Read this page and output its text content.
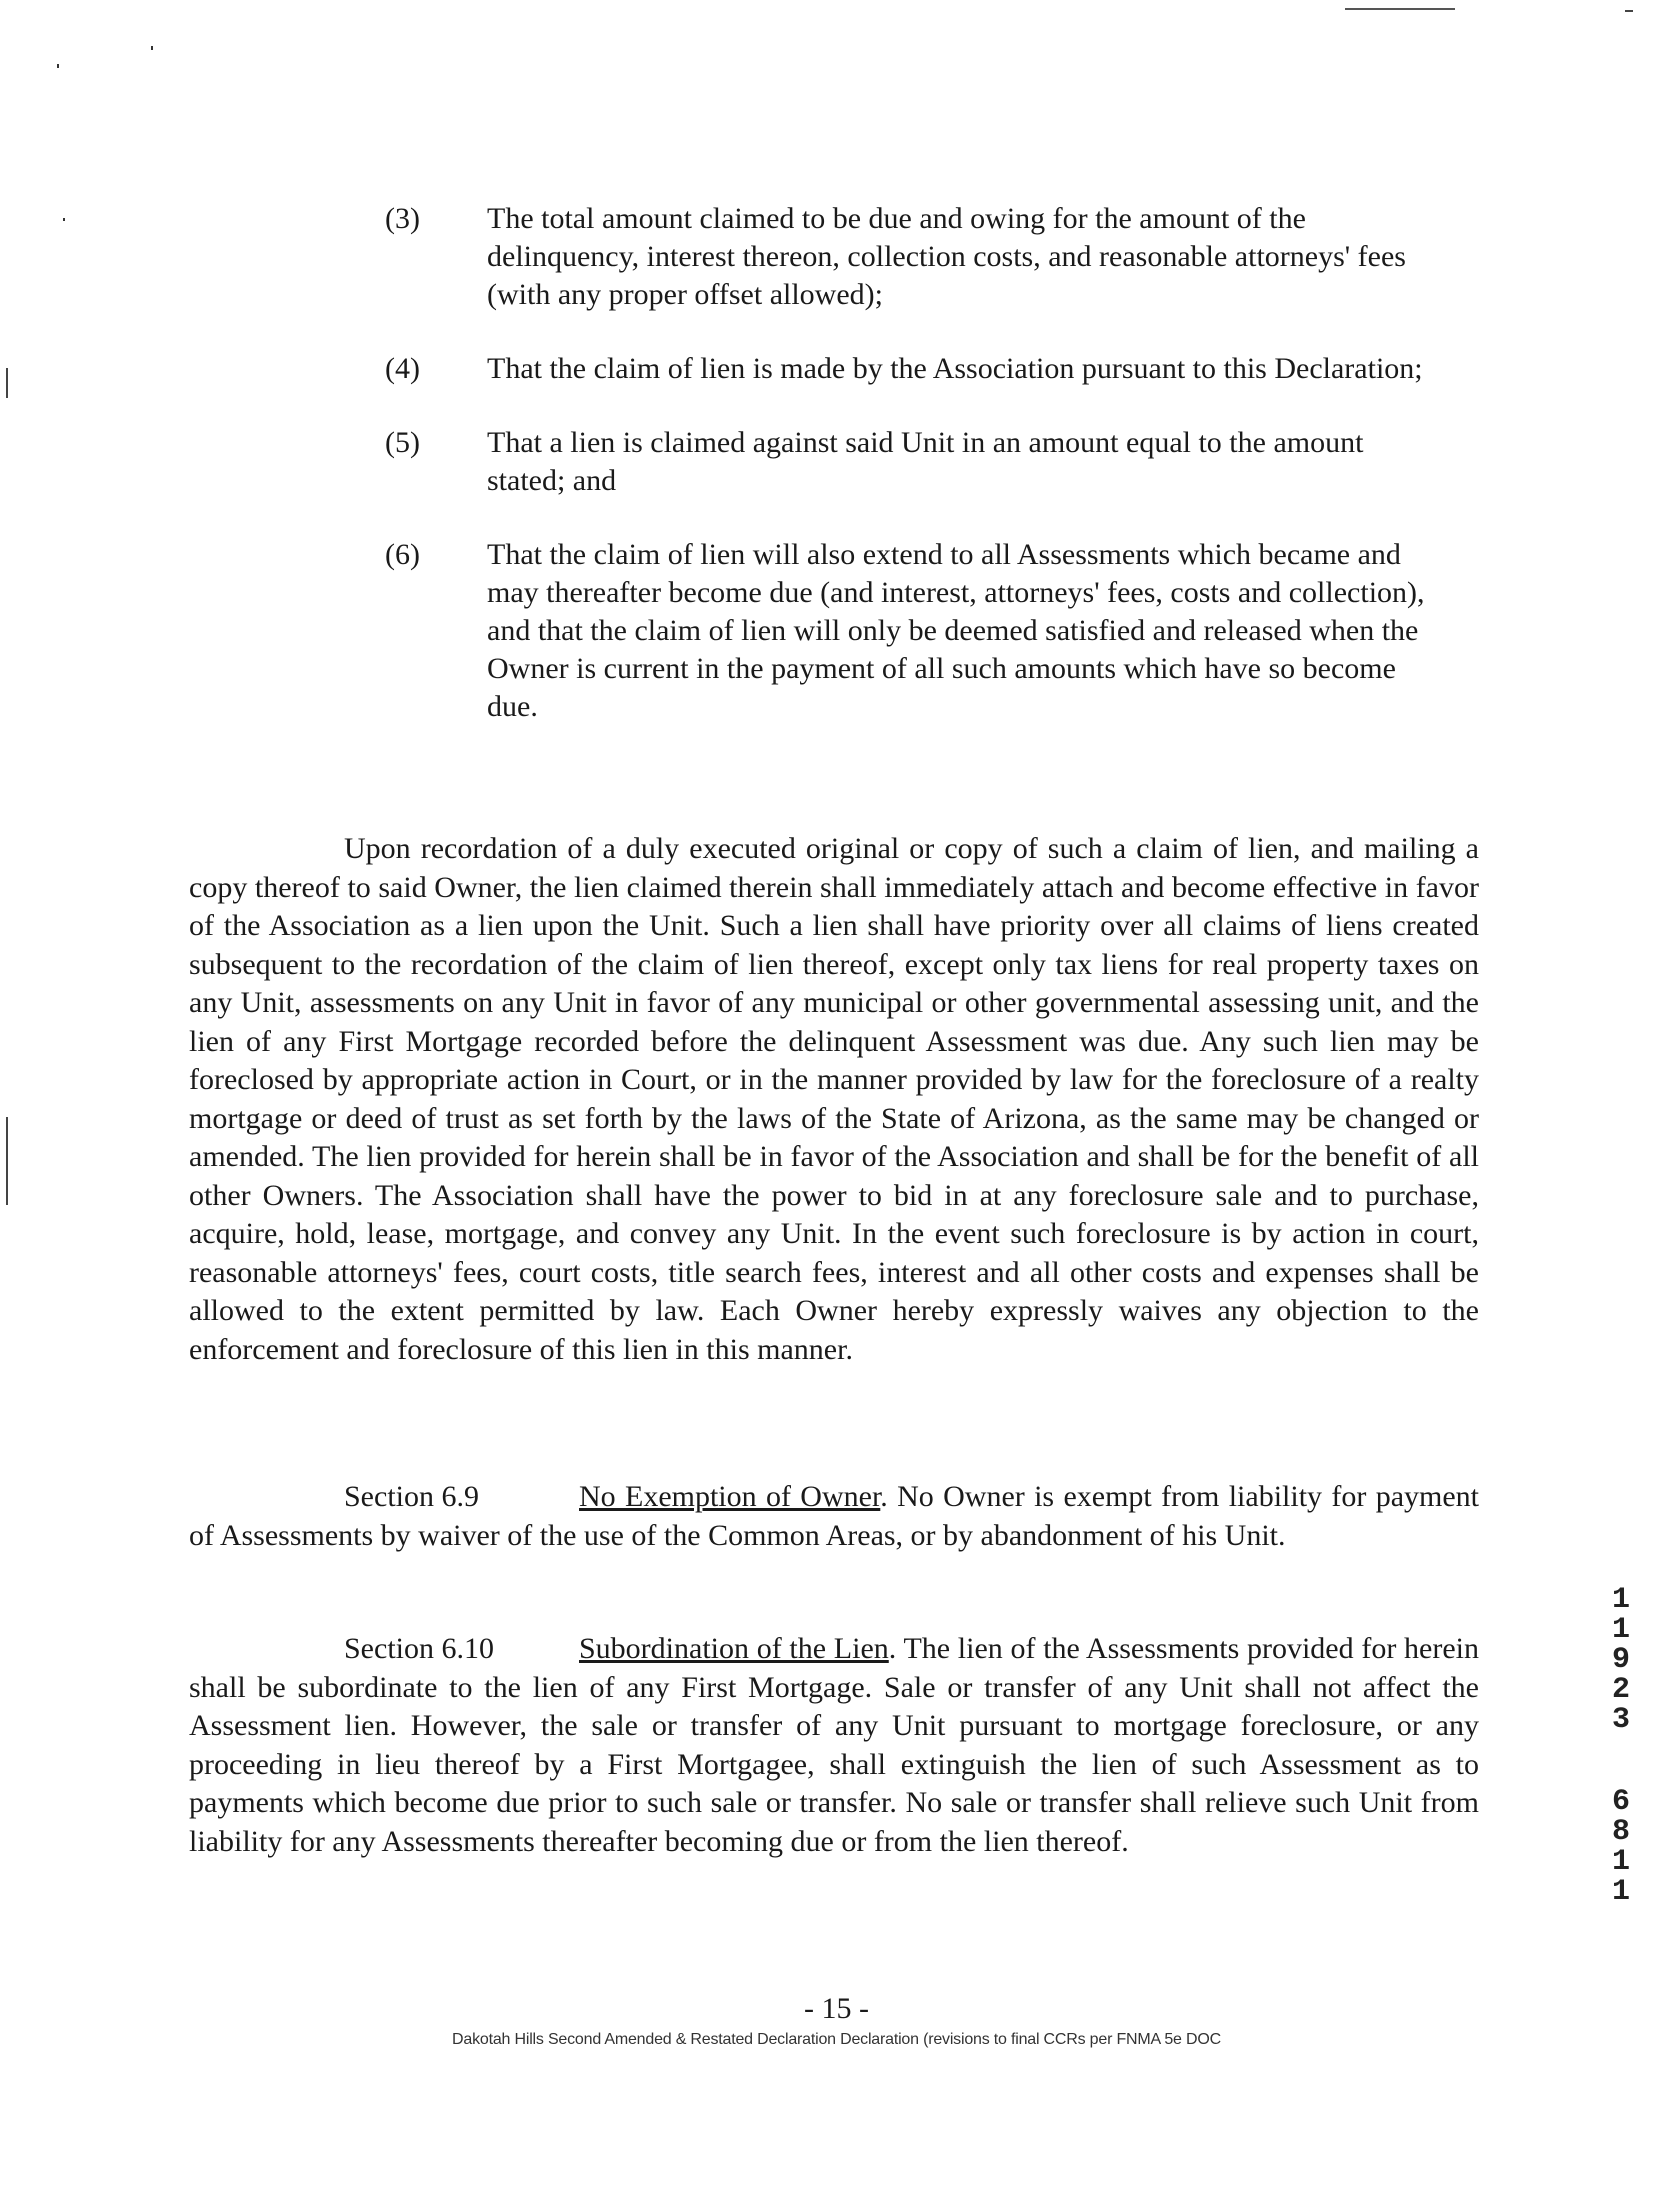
(3) The total amount claimed to be due and owing for the amount of the delinquency, interest thereon, collection costs, and reasonable attorneys' fees (with any proper offset allowed);
(4) That the claim of lien is made by the Association pursuant to this Declaration;
(5) That a lien is claimed against said Unit in an amount equal to the amount stated; and
(6) That the claim of lien will also extend to all Assessments which became and may thereafter become due (and interest, attorneys' fees, costs and collection), and that the claim of lien will only be deemed satisfied and released when the Owner is current in the payment of all such amounts which have so become due.

Upon recordation of a duly executed original or copy of such a claim of lien, and mailing a copy thereof to said Owner, the lien claimed therein shall immediately attach and become effective in favor of the Association as a lien upon the Unit. Such a lien shall have priority over all claims of liens created subsequent to the recordation of the claim of lien thereof, except only tax liens for real property taxes on any Unit, assessments on any Unit in favor of any municipal or other governmental assessing unit, and the lien of any First Mortgage recorded before the delinquent Assessment was due. Any such lien may be foreclosed by appropriate action in Court, or in the manner provided by law for the foreclosure of a realty mortgage or deed of trust as set forth by the laws of the State of Arizona, as the same may be changed or amended. The lien provided for herein shall be in favor of the Association and shall be for the benefit of all other Owners. The Association shall have the power to bid in at any foreclosure sale and to purchase, acquire, hold, lease, mortgage, and convey any Unit. In the event such foreclosure is by action in court, reasonable attorneys' fees, court costs, title search fees, interest and all other costs and expenses shall be allowed to the extent permitted by law. Each Owner hereby expressly waives any objection to the enforcement and foreclosure of this lien in this manner.

Section 6.9	No Exemption of Owner. No Owner is exempt from liability for payment of Assessments by waiver of the use of the Common Areas, or by abandonment of his Unit.

Section 6.10	Subordination of the Lien. The lien of the Assessments provided for herein shall be subordinate to the lien of any First Mortgage. Sale or transfer of any Unit shall not affect the Assessment lien. However, the sale or transfer of any Unit pursuant to mortgage foreclosure, or any proceeding in lieu thereof by a First Mortgagee, shall extinguish the lien of such Assessment as to payments which become due prior to such sale or transfer. No sale or transfer shall relieve such Unit from liability for any Assessments thereafter becoming due or from the lien thereof.

1
1
9
2
3
6
8
1
1
- 15 -
Dakotah Hills Second Amended & Restated Declaration Declaration (revisions to final CCRs per FNMA 5e DOC
